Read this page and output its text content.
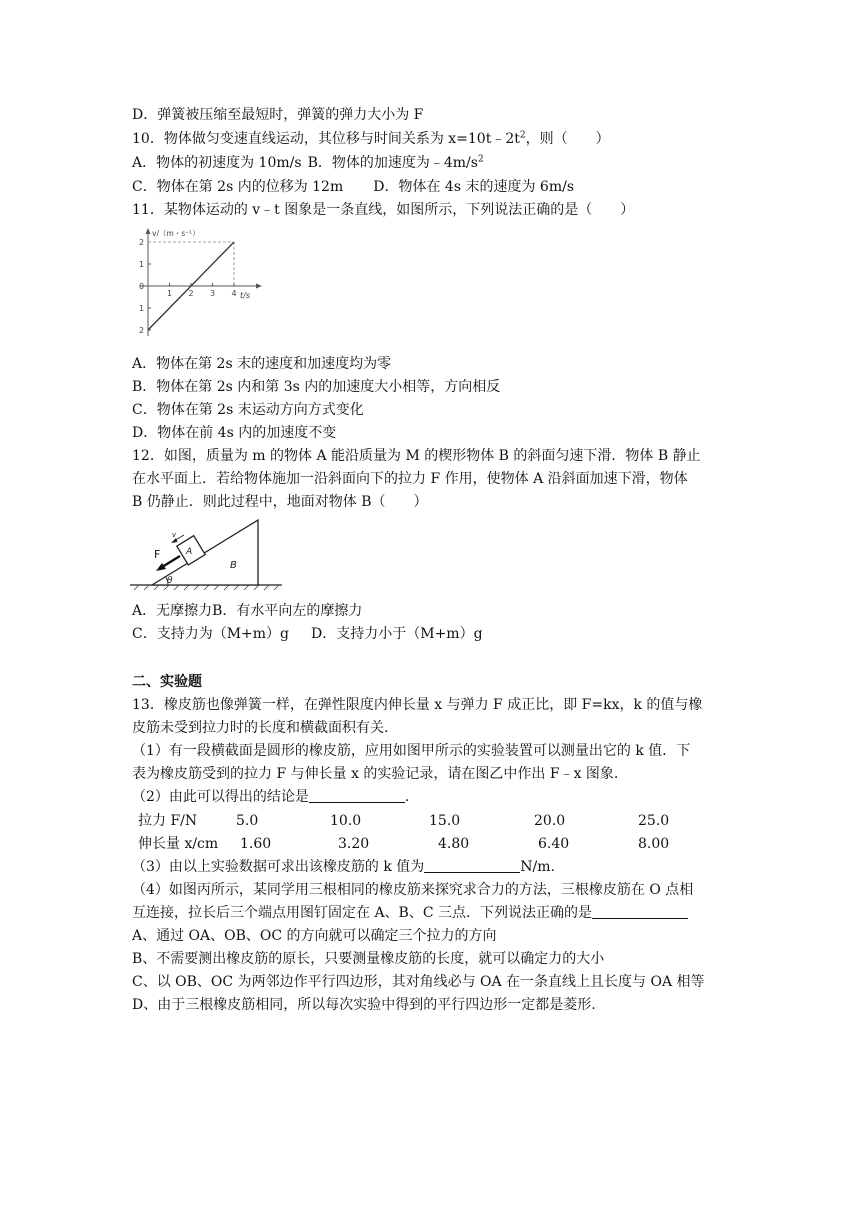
D．弹簧被压缩至最短时，弹簧的弹力大小为 F
10．物体做匀变速直线运动，其位移与时间关系为 $x=10t﹣2t^2$，则（　　）
A．物体的初速度为 10m/s B．物体的加速度为$﹣4m/s^2$
C．物体在第 2s 内的位移为 12m D．物体在 4s 末的速度为 6m/s
11．某物体运动的 v﹣t 图象是一条直线，如图所示，下列说法正确的是（　　）
v/（m・s⁻¹）
t/s
1 2 3 4
2
1
0
1
2
A．物体在第 2s 末的速度和加速度均为零
B．物体在第 2s 内和第 3s 内的加速度大小相等，方向相反
C．物体在第 2s 末运动方向方式变化
D．物体在前 4s 内的加速度不变
12．如图，质量为 m 的物体 A 能沿质量为 M 的楔形物体 B 的斜面匀速下滑．物体 B 静止
在水平面上．若给物体施加一沿斜面向下的拉力 F 作用，使物体 A 沿斜面加速下滑，物体
B 仍静止．则此过程中，地面对物体 B（　　）
θ
A
v
F
B
A．无摩擦力B．有水平向左的摩擦力
C．支持力为（M+m）g D．支持力小于（M+m）g
二、实验题
13．橡皮筋也像弹簧一样，在弹性限度内伸长量 x 与弹力 F 成正比，即 F=kx，k 的值与橡
皮筋未受到拉力时的长度和横截面积有关.
（1）有一段横截面是圆形的橡皮筋，应用如图甲所示的实验装置可以测量出它的 k 值．下
表为橡皮筋受到的拉力 F 与伸长量 x 的实验记录，请在图乙中作出 F﹣x 图象.
（2）由此可以得出的结论是	.
拉力 F/N	5.0	10.0	15.0	20.0	25.0
伸长量 x/cm 1.60	3.20	4.80	6.40	8.00
（3）由以上实验数据可求出该橡皮筋的 k 值为	N/m.
（4）如图丙所示，某同学用三根相同的橡皮筋来探究求合力的方法，三根橡皮筋在 O 点相
互连接，拉长后三个端点用图钉固定在 A、B、C 三点．下列说法正确的是
A、通过 OA、OB、OC 的方向就可以确定三个拉力的方向
B、不需要测出橡皮筋的原长，只要测量橡皮筋的长度，就可以确定力的大小
C、以 OB、OC 为两邻边作平行四边形，其对角线必与 OA 在一条直线上且长度与 OA 相等
D、由于三根橡皮筋相同，所以每次实验中得到的平行四边形一定都是菱形.
